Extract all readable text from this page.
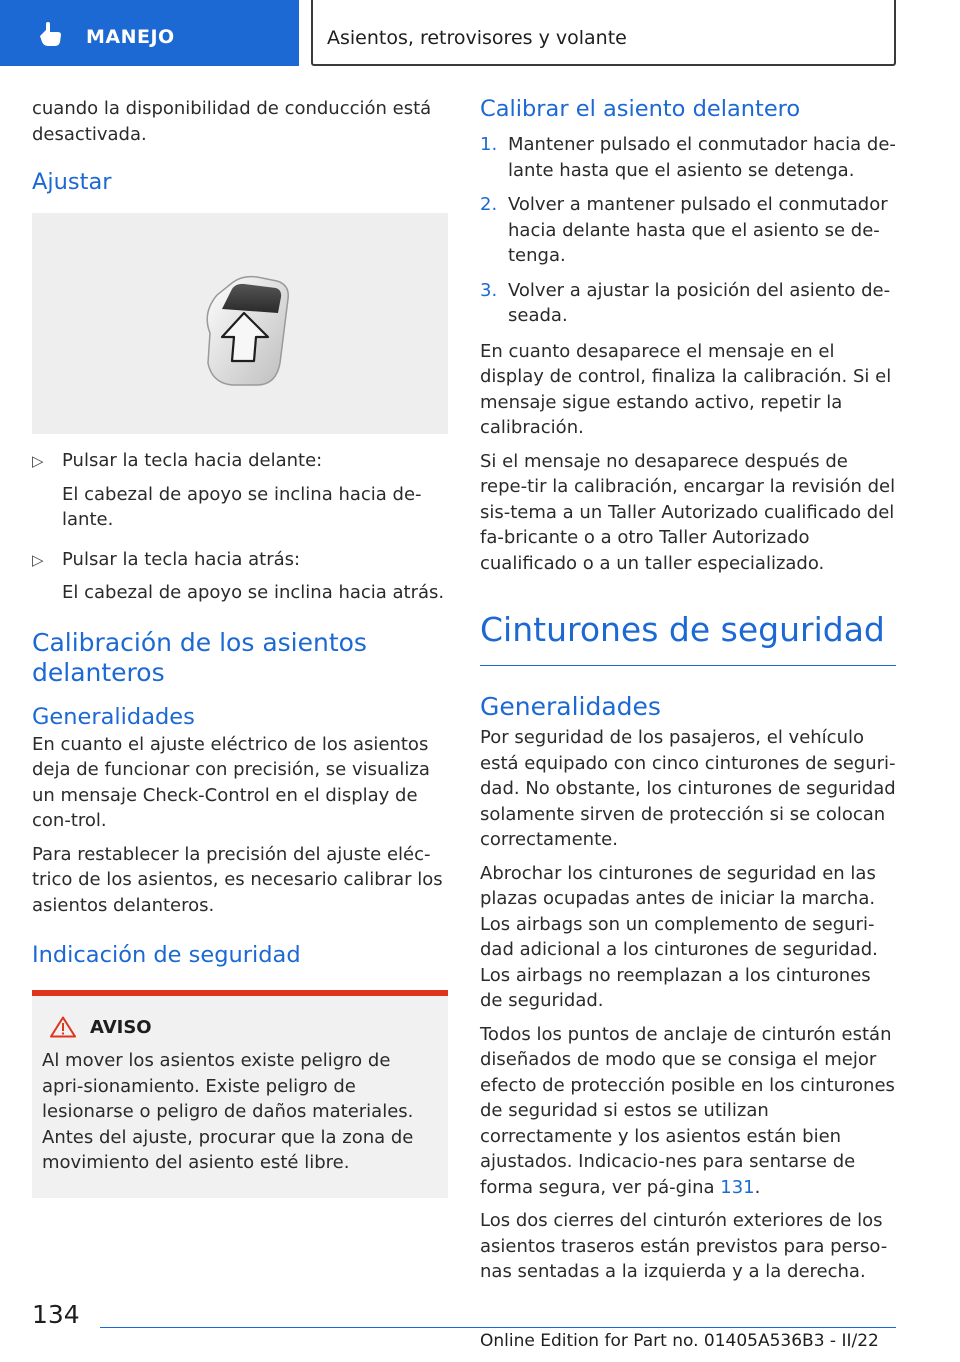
MANEJO	Asientos, retrovisores y volante

cuando la disponibilidad de conducción está desactivada.

Ajustar
▷ Pulsar la tecla hacia delante:
El cabezal de apoyo se inclina hacia de-lante.
▷ Pulsar la tecla hacia atrás:
El cabezal de apoyo se inclina hacia atrás.
Calibración de los asientos delanteros
Generalidades

En cuanto el ajuste eléctrico de los asientos deja de funcionar con precisión, se visualiza un mensaje Check-Control en el display de con-trol.

Para restablecer la precisión del ajuste eléc-trico de los asientos, es necesario calibrar los asientos delanteros.

Indicación de seguridad
AVISO

Al mover los asientos existe peligro de apri-sionamiento. Existe peligro de lesionarse o peligro de daños materiales. Antes del ajuste, procurar que la zona de movimiento del asiento esté libre.

Calibrar el asiento delantero
1. Mantener pulsado el conmutador hacia de-lante hasta que el asiento se detenga.
2. Volver a mantener pulsado el conmutador hacia delante hasta que el asiento se de-tenga.
3. Volver a ajustar la posición del asiento de-seada.

En cuanto desaparece el mensaje en el display de control, finaliza la calibración. Si el mensaje sigue estando activo, repetir la calibración.

Si el mensaje no desaparece después de repe-tir la calibración, encargar la revisión del sis-tema a un Taller Autorizado cualificado del fa-bricante o a otro Taller Autorizado cualificado o a un taller especializado.

Cinturones de seguridad
Generalidades

Por seguridad de los pasajeros, el vehículo está equipado con cinco cinturones de seguri-dad. No obstante, los cinturones de seguridad solamente sirven de protección si se colocan correctamente.

Abrochar los cinturones de seguridad en las plazas ocupadas antes de iniciar la marcha. Los airbags son un complemento de seguri-dad adicional a los cinturones de seguridad. Los airbags no reemplazan a los cinturones de seguridad.

Todos los puntos de anclaje de cinturón están diseñados de modo que se consiga el mejor efecto de protección posible en los cinturones de seguridad si estos se utilizan correctamente y los asientos están bien ajustados. Indicacio-nes para sentarse de forma segura, ver pá-gina 131.

Los dos cierres del cinturón exteriores de los asientos traseros están previstos para perso-nas sentadas a la izquierda y a la derecha.

134
Online Edition for Part no. 01405A536B3 - II/22
